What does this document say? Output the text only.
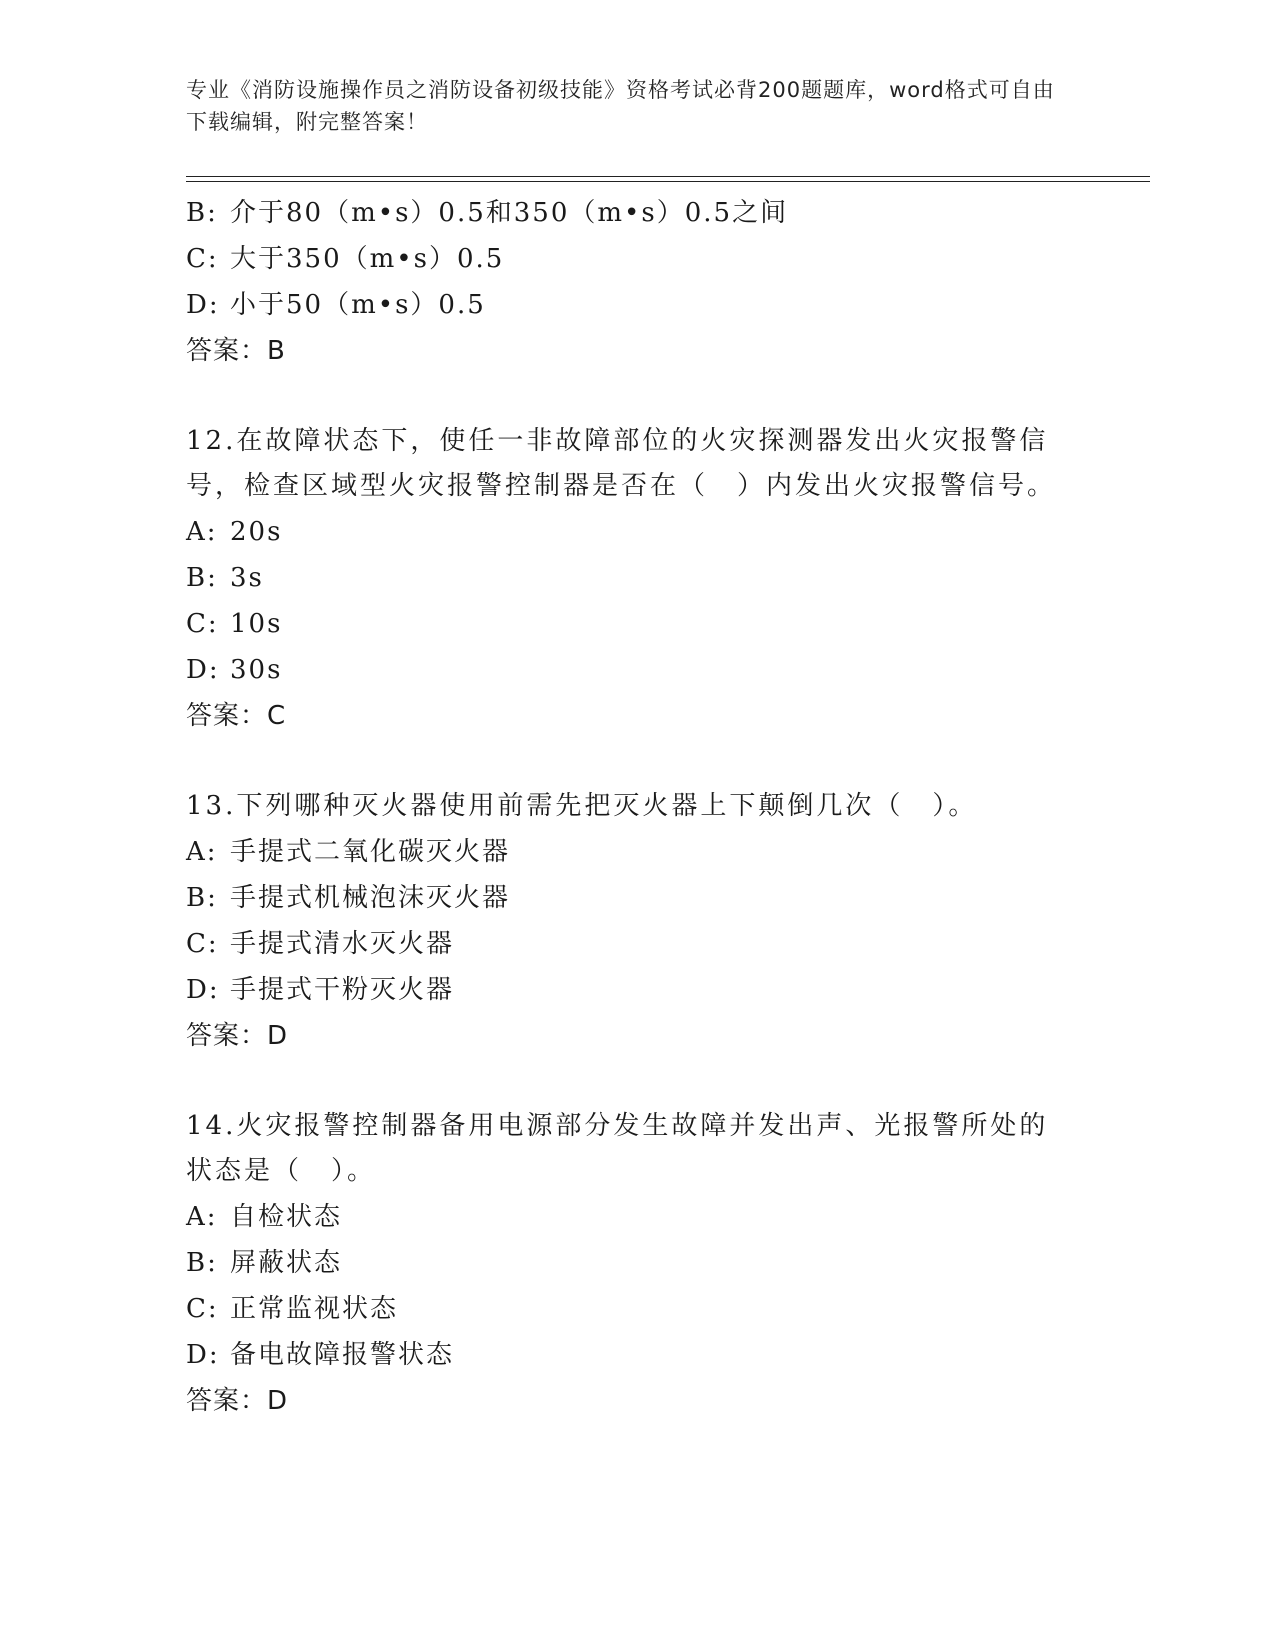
专业《消防设施操作员之消防设备初级技能》资格考试必背200题题库，word格式可自由下载编辑，附完整答案！
B: 介于80（m•s）0.5和350（m•s）0.5之间
C: 大于350（m•s）0.5
D: 小于50（m•s）0.5
答案：B
12.在故障状态下，使任一非故障部位的火灾探测器发出火灾报警信号，检查区域型火灾报警控制器是否在（　）内发出火灾报警信号。
A: 20s
B: 3s
C: 10s
D: 30s
答案：C
13.下列哪种灭火器使用前需先把灭火器上下颠倒几次（　）。
A: 手提式二氧化碳灭火器
B: 手提式机械泡沫灭火器
C: 手提式清水灭火器
D: 手提式干粉灭火器
答案：D
14.火灾报警控制器备用电源部分发生故障并发出声、光报警所处的状态是（　）。
A: 自检状态
B: 屏蔽状态
C: 正常监视状态
D: 备电故障报警状态
答案：D
